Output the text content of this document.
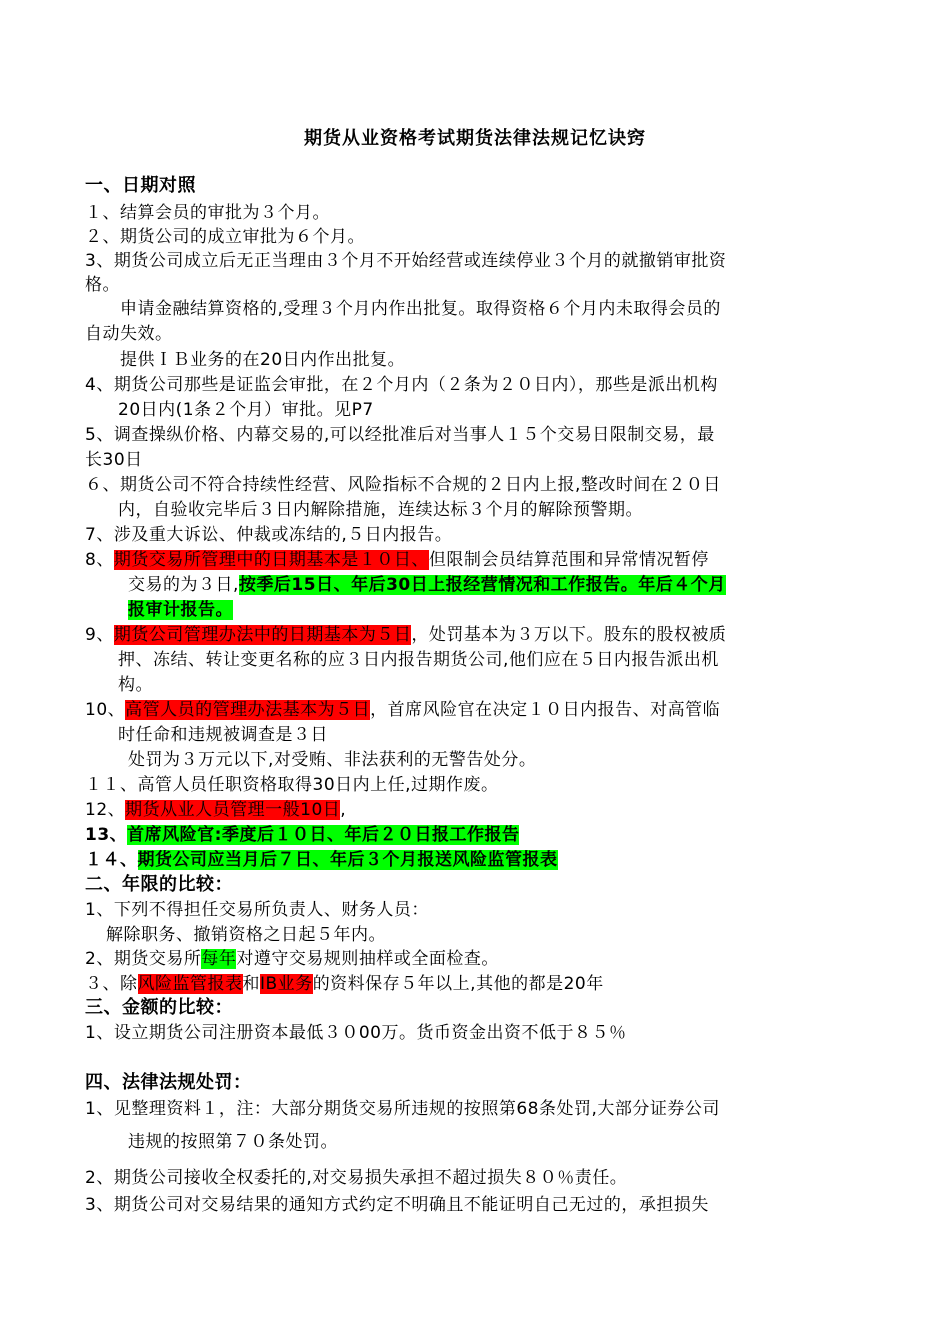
期货从业资格考试期货法律法规记忆诀窍
一、日期对照
１、结算会员的审批为３个月。
２、期货公司的成立审批为６个月。
3、期货公司成立后无正当理由３个月不开始经营或连续停业３个月的就撤销审批资
格。
申请金融结算资格的,受理３个月内作出批复。取得资格６个月内未取得会员的
自动失效。
提供ＩＢ业务的在20日内作出批复。
4、期货公司那些是证监会审批，在２个月内（２条为２０日内），那些是派出机构
20日内(1条２个月）审批。见P7
5、调查操纵价格、内幕交易的,可以经批准后对当事人１５个交易日限制交易，最
长30日
６、期货公司不符合持续性经营、风险指标不合规的２日内上报,整改时间在２０日
内，自验收完毕后３日内解除措施，连续达标３个月的解除预警期。
7、涉及重大诉讼、仲裁或冻结的,５日内报告。
8、期货交易所管理中的日期基本是１０日、但限制会员结算范围和异常情况暂停
交易的为３日,按季后15日、年后30日上报经营情况和工作报告。年后４个月
报审计报告。
9、期货公司管理办法中的日期基本为５日，处罚基本为３万以下。股东的股权被质
押、冻结、转让变更名称的应３日内报告期货公司,他们应在５日内报告派出机
构。
10、高管人员的管理办法基本为５日，首席风险官在决定１０日内报告、对高管临
时任命和违规被调查是３日
处罚为３万元以下,对受贿、非法获利的无警告处分。
１１、高管人员任职资格取得30日内上任,过期作废。
12、期货从业人员管理一般10日,
13、首席风险官:季度后１０日、年后２０日报工作报告
１４、期货公司应当月后７日、年后３个月报送风险监管报表
二、年限的比较：
1、下列不得担任交易所负责人、财务人员：
解除职务、撤销资格之日起５年内。
2、期货交易所每年对遵守交易规则抽样或全面检查。
３、除风险监管报表和IB业务的资料保存５年以上,其他的都是20年
三、金额的比较：
1、设立期货公司注册资本最低３０00万。货币资金出资不低于８５％
四、法律法规处罚：
1、见整理资料１，注：大部分期货交易所违规的按照第68条处罚,大部分证券公司
违规的按照第７０条处罚。
2、期货公司接收全权委托的,对交易损失承担不超过损失８０％责任。
3、期货公司对交易结果的通知方式约定不明确且不能证明自己无过的，承担损失
